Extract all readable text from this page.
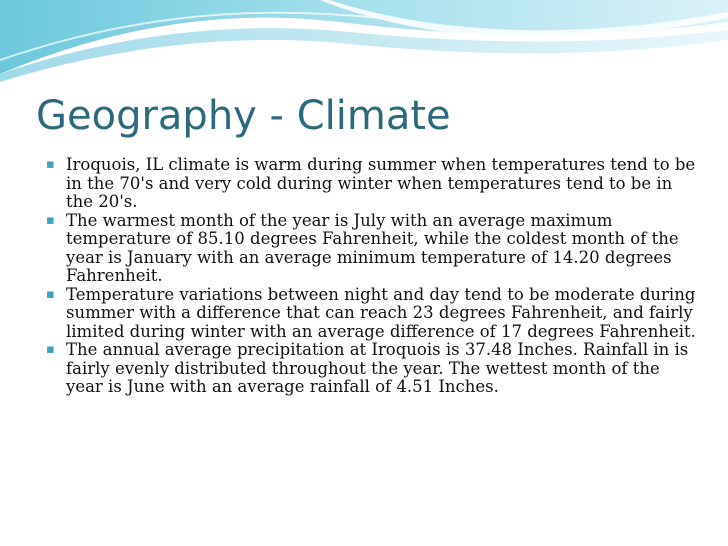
Geography - Climate
▪ Iroquois, IL climate is warm during summer when temperatures tend to be in the 70's and very cold during winter when temperatures tend to be in the 20's.
▪ The warmest month of the year is July with an average maximum temperature of 85.10 degrees Fahrenheit, while the coldest month of the year is January with an average minimum temperature of 14.20 degrees Fahrenheit.
▪ Temperature variations between night and day tend to be moderate during summer with a difference that can reach 23 degrees Fahrenheit, and fairly limited during winter with an average difference of 17 degrees Fahrenheit.
▪ The annual average precipitation at Iroquois is 37.48 Inches. Rainfall in is fairly evenly distributed throughout the year. The wettest month of the year is June with an average rainfall of 4.51 Inches.
